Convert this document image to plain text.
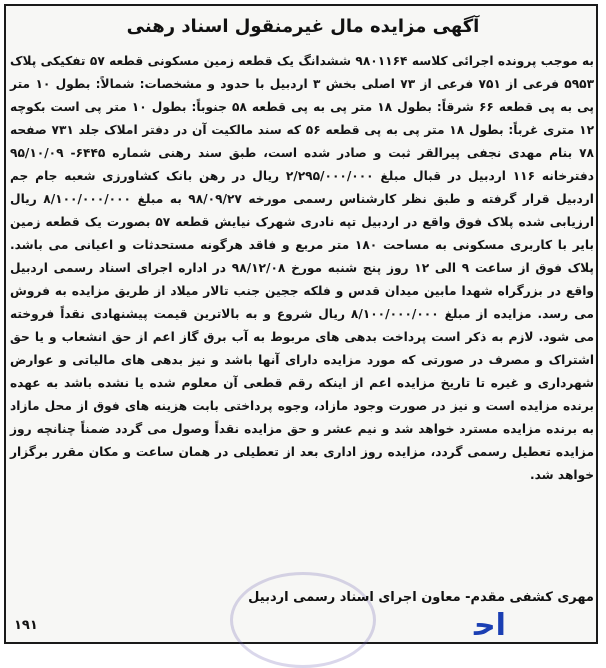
آگهی مزایده مال غیرمنقول اسناد رهنی
به موجب پرونده اجرائی کلاسه ۹۸۰۱۱۶۴ ششدانگ یک قطعه زمین مسکونی قطعه ۵۷ تفکیکی پلاک ۵۹۵۳ فرعی از ۷۵۱ فرعی از ۷۳ اصلی بخش ۳ اردبیل با حدود و مشخصات: شمالاً: بطول ۱۰ متر پی به پی قطعه ۶۶ شرقاً: بطول ۱۸ متر پی به پی قطعه ۵۸ جنوباً: بطول ۱۰ متر پی است بکوچه ۱۲ متری غرباً: بطول ۱۸ متر پی به پی قطعه ۵۶ که سند مالکیت آن در دفتر املاک جلد ۷۳۱ صفحه ۷۸ بنام مهدی نجفی پیرالقر ثبت و صادر شده است، طبق سند رهنی شماره ۶۴۴۵- ۹۵/۱۰/۰۹ دفترخانه ۱۱۶ اردبیل در قبال مبلغ ۲/۲۹۵/۰۰۰/۰۰۰ ریال در رهن بانک کشاورزی شعبه جام جم اردبیل قرار گرفته و طبق نظر کارشناس رسمی مورخه ۹۸/۰۹/۲۷ به مبلغ ۸/۱۰۰/۰۰۰/۰۰۰ ریال ارزیابی شده پلاک فوق واقع در اردبیل تپه نادری شهرک نیایش قطعه ۵۷ بصورت یک قطعه زمین بایر با کاربری مسکونی به مساحت ۱۸۰ متر مربع و فاقد هرگونه مستحدثات و اعیانی می باشد. پلاک فوق از ساعت ۹ الی ۱۲ روز پنج شنبه مورخ ۹۸/۱۲/۰۸ در اداره اجرای اسناد رسمی اردبیل واقع در بزرگراه شهدا مابین میدان قدس و فلکه ججین جنب تالار میلاد از طریق مزایده به فروش می رسد. مزایده از مبلغ ۸/۱۰۰/۰۰۰/۰۰۰ ریال شروع و به بالاترین قیمت پیشنهادی نقداً فروخته می شود. لازم به ذکر است پرداخت بدهی های مربوط به آب برق گاز اعم از حق انشعاب و یا حق اشتراک و مصرف در صورتی که مورد مزایده دارای آنها باشد و نیز بدهی های مالیاتی و عوارض شهرداری و غیره تا تاریخ مزایده اعم از اینکه رقم قطعی آن معلوم شده یا نشده باشد به عهده برنده مزایده است و نیز در صورت وجود مازاد، وجوه پرداختی بابت هزینه های فوق از محل مازاد به برنده مزایده مسترد خواهد شد و نیم عشر و حق مزایده نقداً وصول می گردد ضمناً چنانچه روز مزایده تعطیل رسمی گردد، مزایده روز اداری بعد از تعطیلی در همان ساعت و مکان مقرر برگزار خواهد شد.
مهری کشفی مقدم- معاون اجرای اسناد رسمی اردبیل
۱۹۱	ﺍﺣ
